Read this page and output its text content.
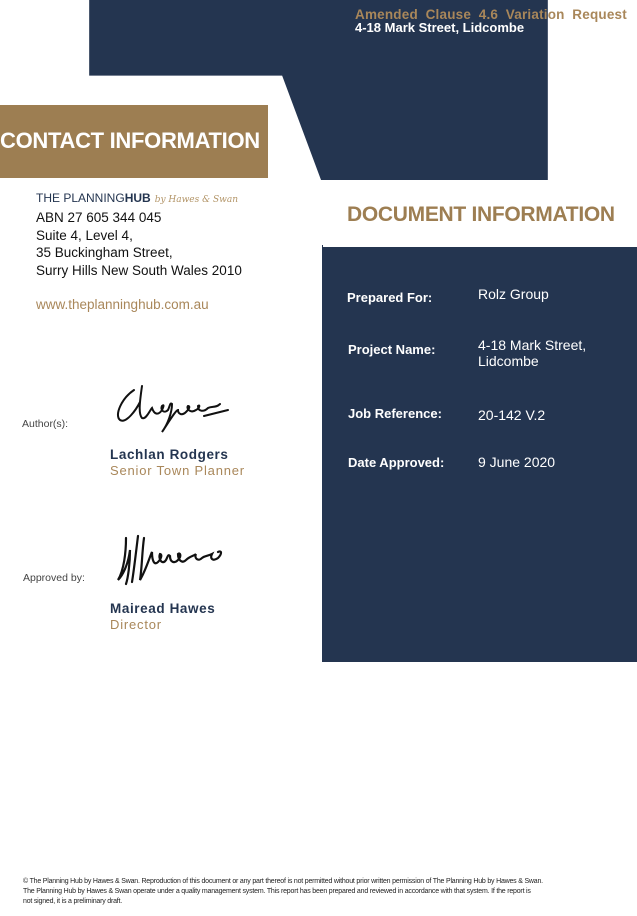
Amended Clause 4.6 Variation Request
4-18 Mark Street, Lidcombe
CONTACT INFORMATION
DOCUMENT INFORMATION
THE PLANNINGHUB by Hawes & Swan
ABN 27 605 344 045
Suite 4, Level 4,
35 Buckingham Street,
Surry Hills New South Wales 2010
www.theplanninghub.com.au
Author(s):
Lachlan Rodgers
Senior Town Planner
Approved by:
Mairead Hawes
Director
Prepared For:	Rolz Group
Project Name:	4-18 Mark Street,
Lidcombe
Job Reference:	20-142 V.2
Date Approved: 9 June 2020
© The Planning Hub by Hawes & Swan. Reproduction of this document or any part thereof is not permitted without prior written permission of The Planning Hub by Hawes & Swan.
The Planning Hub by Hawes & Swan operate under a quality management system. This report has been prepared and reviewed in accordance with that system. If the report is
not signed, it is a preliminary draft.
